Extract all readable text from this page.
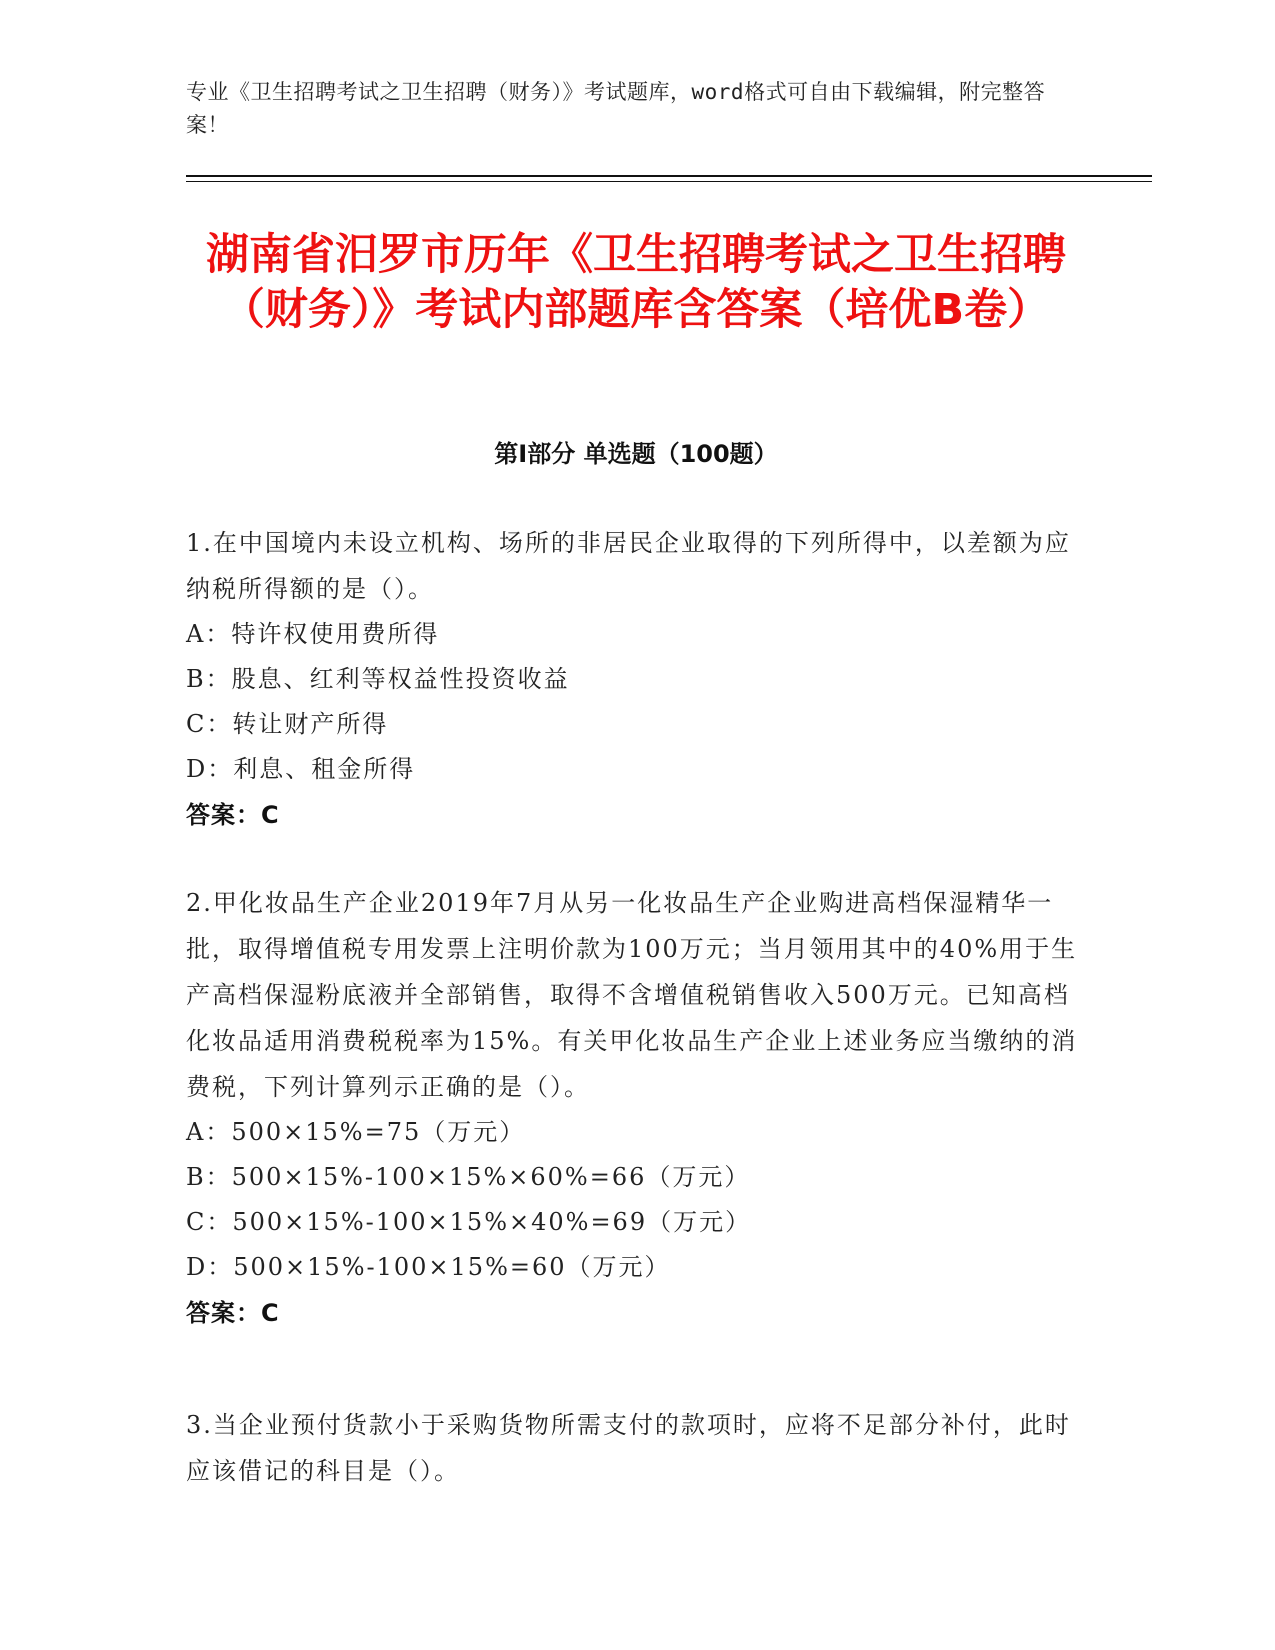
专业《卫生招聘考试之卫生招聘（财务）》考试题库，word格式可自由下载编辑，附完整答案！
湖南省汨罗市历年《卫生招聘考试之卫生招聘（财务）》考试内部题库含答案（培优B卷）
第I部分 单选题（100题）

1.在中国境内未设立机构、场所的非居民企业取得的下列所得中，以差额为应纳税所得额的是（）。

A：特许权使用费所得

B：股息、红利等权益性投资收益

C：转让财产所得

D：利息、租金所得

答案：C

2.甲化妆品生产企业2019年7月从另一化妆品生产企业购进高档保湿精华一批，取得增值税专用发票上注明价款为100万元；当月领用其中的40%用于生产高档保湿粉底液并全部销售，取得不含增值税销售收入500万元。已知高档化妆品适用消费税税率为15%。有关甲化妆品生产企业上述业务应当缴纳的消费税，下列计算列示正确的是（）。

A：500×15%=75（万元）

B：500×15%-100×15%×60%=66（万元）

C：500×15%-100×15%×40%=69（万元）

D：500×15%-100×15%=60（万元）

答案：C

3.当企业预付货款小于采购货物所需支付的款项时，应将不足部分补付，此时应该借记的科目是（）。
